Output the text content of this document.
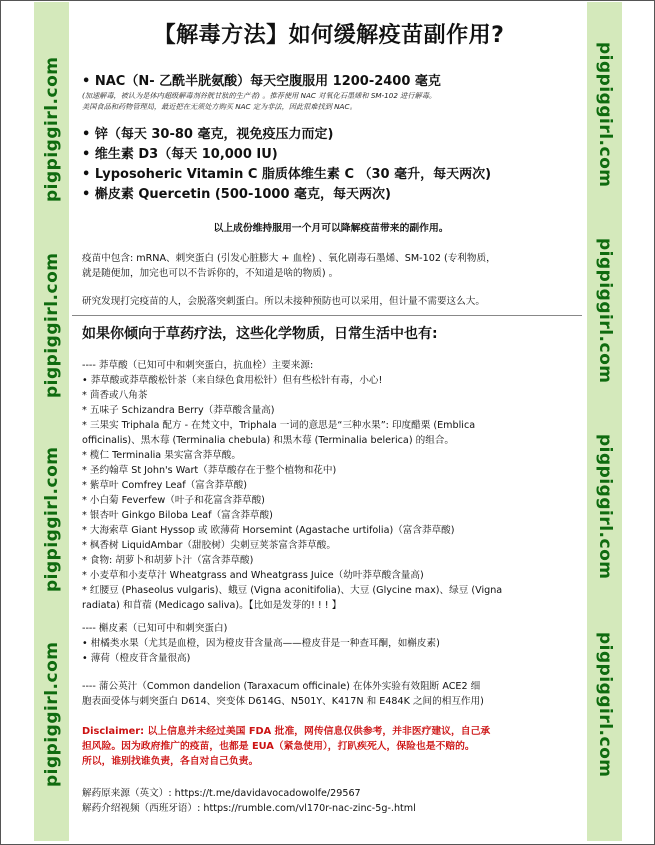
pigpiggirl.com
pigpiggirl.com
pigpiggirl.com
pigpiggirl.com
pigpiggirl.com
pigpiggirl.com
pigpiggirl.com
pigpiggirl.com
【解毒方法】如何缓解疫苗副作用?
• NAC（N- 乙酰半胱氨酸）每天空腹服用 1200-2400 毫克
(加速解毒，被认为是体内超级解毒剂谷胱甘肽的生产者) 。推荐使用 NAC 对氧化石墨烯和 SM-102 进行解毒。
美国食品和药物管理局，最近把在无须处方购买 NAC 定为非法，因此很难找到 NAC。
• 锌（每天 30-80 毫克，视免疫压力而定)
• 维生素 D3（每天 10,000 IU)
• Lyposoheric Vitamin C 脂质体维生素 C （30 毫升，每天两次)
• 槲皮素 Quercetin (500-1000 毫克，每天两次)
以上成份维持服用一个月可以降解疫苗带来的副作用。
疫苗中包含: mRNA、刺突蛋白 (引发心脏膨大 + 血栓) 、氧化剧毒石墨烯、SM-102 (专利物质，
就是随便加，加完也可以不告诉你的，不知道是啥的物质) 。
研究发现打完疫苗的人，会脱落突刺蛋白。所以未接种预防也可以采用，但计量不需要这么大。
如果你倾向于草药疗法，这些化学物质，日常生活中也有:
---- 莽草酸（已知可中和刺突蛋白，抗血栓）主要来源:
• 莽草酸或莽草酸松针茶（来自绿色食用松针）但有些松针有毒，小心!
* 茴香或八角茶
* 五味子 Schizandra Berry（莽草酸含量高)
* 三果实 Triphala 配方 - 在梵文中，Triphala 一词的意思是“三种水果”: 印度醋栗 (Emblica
officinalis)、黑木莓 (Terminalia chebula) 和黑木莓 (Terminalia belerica) 的组合。
* 榄仁 Terminalia 果实富含莽草酸。
* 圣约翰草 St John's Wart（莽草酸存在于整个植物和花中)
* 紫草叶 Comfrey Leaf（富含莽草酸)
* 小白菊 Feverfew（叶子和花富含莽草酸)
* 银杏叶 Ginkgo Biloba Leaf（富含莽草酸)
* 大海索草 Giant Hyssop 或 欧薄荷 Horsemint (Agastache urtifolia)（富含莽草酸)
* 枫香树 LiquidAmbar（甜胶树）尖刺豆荚茶富含莽草酸。
* 食物: 胡萝卜和胡萝卜汁（富含莽草酸)
* 小麦草和小麦草汁 Wheatgrass and Wheatgrass Juice（幼叶莽草酸含量高)
* 红腰豆 (Phaseolus vulgaris)、蛾豆 (Vigna aconitifolia)、大豆 (Glycine max)、绿豆 (Vigna
radiata) 和苜蓿 (Medicago saliva)。【比如是发芽的! ! ! 】
---- 槲皮素（已知可中和刺突蛋白)
• 柑橘类水果（尤其是血橙，因为橙皮苷含量高——橙皮苷是一种查耳酮，如槲皮素)
• 薄荷（橙皮苷含量很高)
---- 蒲公英汁（Common dandelion (Taraxacum officinale) 在体外实验有效阻断 ACE2 细
胞表面受体与刺突蛋白 D614、突变体 D614G、N501Y、K417N 和 E484K 之间的相互作用)
Disclaimer: 以上信息并未经过美国 FDA 批准，网传信息仅供参考，并非医疗建议，自己承
担风险。因为政府推广的疫苗，也都是 EUA（紧急使用），打趴疾死人，保险也是不赔的。
所以，谁别找谁负责，各自对自己负责。
解药原来源（英文）: https://t.me/davidavocadowolfe/29567
解药介绍视频（西班牙语）: https://rumble.com/vl170r-nac-zinc-5g-.html
